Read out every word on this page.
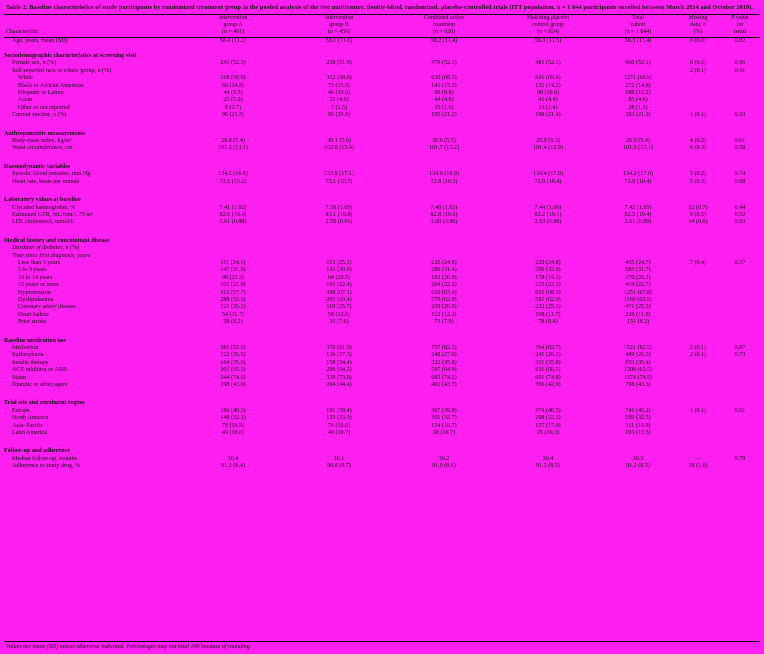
Table 2. Baseline characteristics of study participants by randomized treatment group in the pooled analysis of the two multicentre, double-blind, randomized, placebo-controlled trials (ITT population, n = 1 844 participants enrolled between March 2014 and October 2019).
	Intervention	Intervention	Combined active	Matching placebo	Total	Missing	P value
	group A	group B	treatment	control group	cohort	data, n	for
Characteristic	(n = 461)	(n = 459)	(n = 920)	(n = 924)	(n = 1 844)	(%)	trend
Age, years, mean (SD)	58.4 (11.2)	58.1 (11.6)	58.2 (11.4)	58.3 (11.5)	58.3 (11.4)	0 (0.0)	0.82

Sociodemographic characteristics at screening visit							
Female sex, n (%)	241 (52.3)	238 (51.9)	479 (52.1)	481 (52.1)	960 (52.1)	0 (0.0)	0.96
Self-reported race or ethnic group, n (%)						2 (0.1)	0.41
White	318 (69.0)	312 (68.0)	630 (68.5)	641 (69.4)	1271 (68.9)		
Black or African American	68 (14.8)	73 (15.9)	141 (15.3)	131 (14.2)	272 (14.8)		
Hispanic or Latino	44 (9.5)	46 (10.0)	90 (9.8)	98 (10.6)	188 (10.2)		
Asian	23 (5.0)	21 (4.6)	44 (4.8)	41 (4.4)	85 (4.6)		
Other or not reported	8 (1.7)	7 (1.5)	15 (1.6)	13 (1.4)	28 (1.5)		
Current smoker, n (%)	99 (21.5)	96 (20.9)	195 (21.2)	198 (21.4)	393 (21.3)	1 (0.1)	0.93

Anthropometric measurements							
Body-mass index, kg/m²	29.8 (5.4)	30.1 (5.6)	30.0 (5.5)	29.9 (5.3)	29.9 (5.4)	4 (0.2)	0.61
Waist circumference, cm	101.3 (13.1)	102.0 (13.4)	101.7 (13.2)	101.4 (12.9)	101.5 (13.1)	6 (0.3)	0.58

Haemodynamic variables							
Systolic blood pressure, mm Hg	134.2 (16.8)	133.9 (17.1)	134.0 (16.9)	134.4 (17.0)	134.2 (17.0)	3 (0.2)	0.74
Heart rate, beats per minute	72.6 (10.2)	73.1 (10.5)	72.8 (10.3)	72.9 (10.4)	72.9 (10.4)	5 (0.3)	0.88

Laboratory values at baseline							
Glycated haemoglobin, %	7.41 (1.02)	7.38 (1.05)	7.40 (1.03)	7.44 (1.06)	7.42 (1.05)	12 (0.7)	0.44
Estimated GFR, mL/min/1.73 m²	82.6 (19.4)	83.1 (19.8)	82.8 (19.6)	82.2 (19.1)	82.5 (19.4)	9 (0.5)	0.52
LDL cholesterol, mmol/L	2.61 (0.88)	2.58 (0.91)	2.60 (0.90)	2.63 (0.89)	2.61 (0.89)	14 (0.8)	0.63

Medical history and concomitant disease							
Duration of diabetes, n (%)							
Time since first diagnosis, years							
Less than 5 years	111 (24.1)	115 (25.1)	226 (24.6)	229 (24.8)	455 (24.7)	7 (0.4)	0.37
5 to 9 years	147 (31.9)	142 (30.9)	289 (31.4)	296 (32.0)	585 (31.7)		
10 to 14 years	98 (21.3)	94 (20.5)	192 (20.9)	178 (19.3)	370 (20.1)		
15 years or more	101 (21.9)	103 (22.4)	204 (22.2)	215 (23.3)	419 (22.7)		
Hypertension	312 (67.7)	308 (67.1)	620 (67.4)	631 (68.3)	1251 (67.8)		
Dyslipidaemia	288 (62.5)	291 (63.4)	579 (62.9)	581 (62.9)	1160 (62.9)		
Coronary artery disease	121 (26.2)	118 (25.7)	239 (26.0)	232 (25.1)	471 (25.5)		
Heart failure	54 (11.7)	58 (12.6)	112 (12.2)	108 (11.7)	220 (11.9)		
Prior stroke	38 (8.2)	35 (7.6)	73 (7.9)	78 (8.4)	151 (8.2)		

Baseline medication use							
Metformin	381 (82.6)	376 (81.9)	757 (82.3)	764 (82.7)	1521 (82.5)	2 (0.1)	0.87
Sulfonylurea	122 (26.5)	126 (27.5)	248 (27.0)	241 (26.1)	489 (26.5)	2 (0.1)	0.73
Insulin therapy	164 (35.6)	158 (34.4)	322 (35.0)	331 (35.8)	653 (35.4)		
ACE inhibitor or ARB	301 (65.3)	296 (64.5)	597 (64.9)	611 (66.1)	1208 (65.5)		
Statin	344 (74.6)	339 (73.9)	683 (74.2)	691 (74.8)	1374 (74.5)		
Diuretic or other agent	198 (43.0)	204 (44.4)	402 (43.7)	396 (42.9)	798 (43.3)		

Trial site and enrolment region							
Europe	186 (40.3)	181 (39.4)	367 (39.9)	374 (40.5)	741 (40.2)	1 (0.1)	0.91
North America	148 (32.1)	153 (33.3)	301 (32.7)	298 (32.3)	599 (32.5)		
Asia–Pacific	78 (16.9)	76 (16.6)	154 (16.7)	157 (17.0)	311 (16.9)		
Latin America	49 (10.6)	49 (10.7)	98 (10.7)	95 (10.3)	193 (10.5)		

Follow-up and adherence							
Median follow-up, months	36.4	36.1	36.2	36.4	36.3	—	0.79
Adherence to study drug, %	91.2 (8.4)	90.8 (8.7)	91.0 (8.6)	91.3 (8.5)	91.2 (8.5)	18 (1.0)	
Values are mean (SD) unless otherwise indicated. Percentages may not total 100 because of rounding.
